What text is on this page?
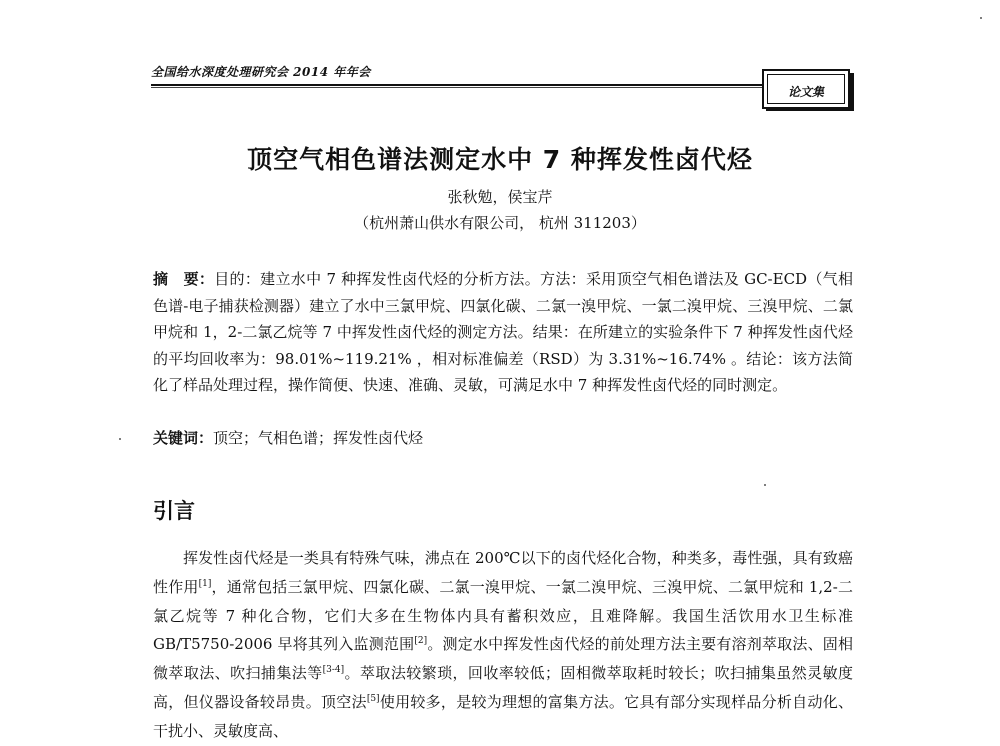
全国给水深度处理研究会 2014 年年会
论文集
顶空气相色谱法测定水中 7 种挥发性卤代烃
张秋勉，侯宝芹
（杭州萧山供水有限公司， 杭州 311203）
摘　要：目的：建立水中 7 种挥发性卤代烃的分析方法。方法：采用顶空气相色谱法及 GC-ECD（气相色谱-电子捕获检测器）建立了水中三氯甲烷、四氯化碳、二氯一溴甲烷、一氯二溴甲烷、三溴甲烷、二氯甲烷和 1，2-二氯乙烷等 7 中挥发性卤代烃的测定方法。结果：在所建立的实验条件下 7 种挥发性卤代烃的平均回收率为：98.01%~119.21% ，相对标准偏差（RSD）为 3.31%~16.74% 。结论：该方法简化了样品处理过程，操作简便、快速、准确、灵敏，可满足水中 7 种挥发性卤代烃的同时测定。
关键词：顶空；气相色谱；挥发性卤代烃
引言
挥发性卤代烃是一类具有特殊气味，沸点在 200℃以下的卤代烃化合物，种类多，毒性强，具有致癌性作用[1]，通常包括三氯甲烷、四氯化碳、二氯一溴甲烷、一氯二溴甲烷、三溴甲烷、二氯甲烷和 1,2-二氯乙烷等 7 种化合物，它们大多在生物体内具有蓄积效应，且难降解。我国生活饮用水卫生标准 GB/T5750-2006 早将其列入监测范围[2]。测定水中挥发性卤代烃的前处理方法主要有溶剂萃取法、固相微萃取法、吹扫捕集法等[3-4]。萃取法较繁琐，回收率较低；固相微萃取耗时较长；吹扫捕集虽然灵敏度高，但仪器设备较昂贵。顶空法[5]使用较多，是较为理想的富集方法。它具有部分实现样品分析自动化、干扰小、灵敏度高、
